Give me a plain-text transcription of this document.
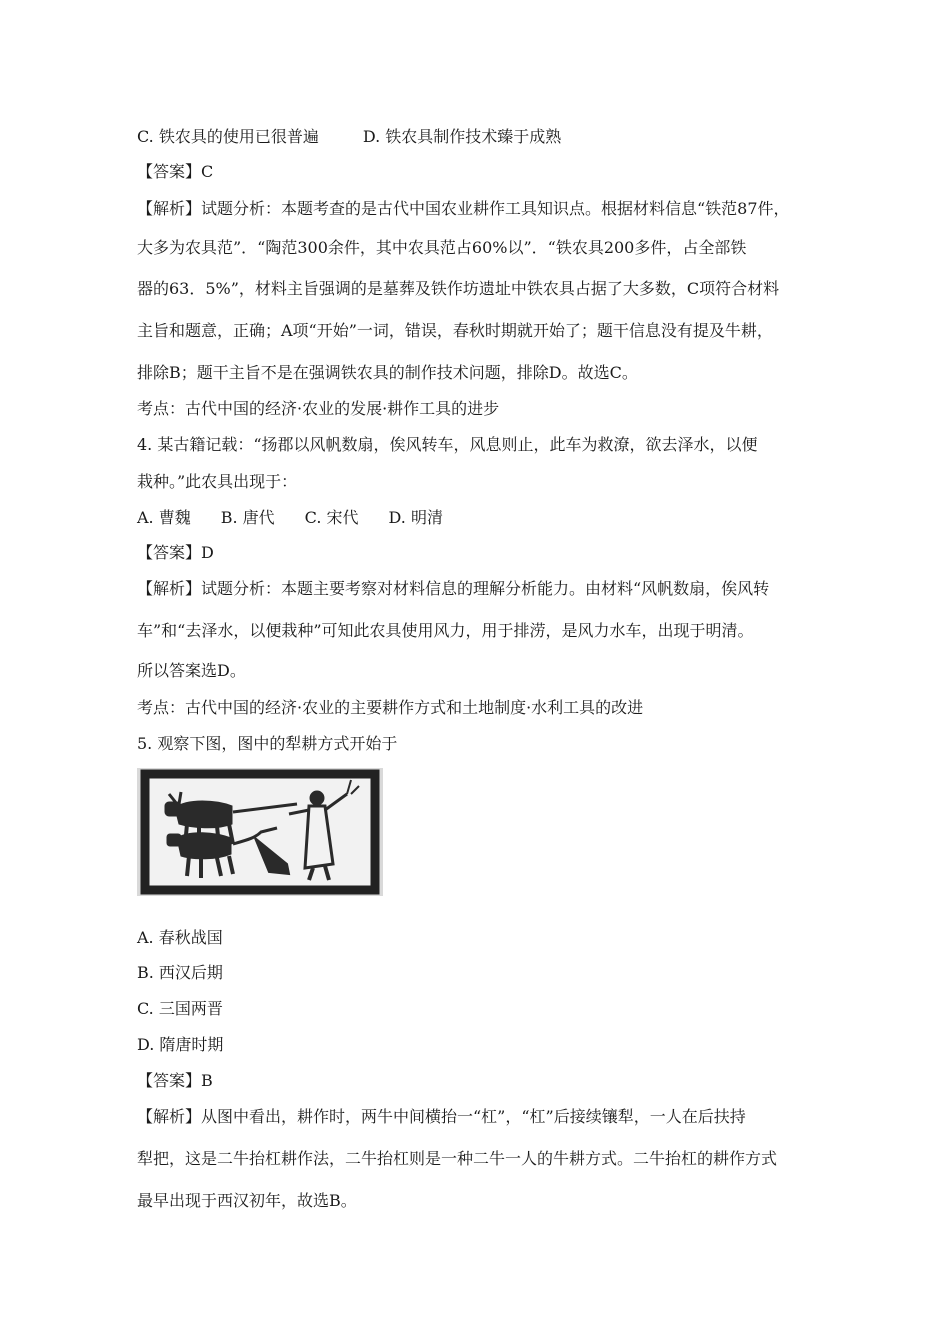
C. 铁农具的使用已很普遍	D. 铁农具制作技术臻于成熟
【答案】C
【解析】试题分析：本题考查的是古代中国农业耕作工具知识点。根据材料信息“铁范87件，
大多为农具范”．“陶范300余件，其中农具范占60%以”．“铁农具200多件，占全部铁
器的63．5%”，材料主旨强调的是墓葬及铁作坊遗址中铁农具占据了大多数，C项符合材料
主旨和题意，正确；A项“开始”一词，错误，春秋时期就开始了；题干信息没有提及牛耕，
排除B；题干主旨不是在强调铁农具的制作技术问题，排除D。故选C。
考点：古代中国的经济·农业的发展·耕作工具的进步
4. 某古籍记载：“扬郡以风帆数扇，俟风转车，风息则止，此车为救潦，欲去泽水，以便
栽种。”此农具出现于：
A. 曹魏 B. 唐代 C. 宋代 D. 明清
【答案】D
【解析】试题分析：本题主要考察对材料信息的理解分析能力。由材料“风帆数扇，俟风转
车”和“去泽水，以便栽种”可知此农具使用风力，用于排涝，是风力水车，出现于明清。
所以答案选D。
考点：古代中国的经济·农业的主要耕作方式和土地制度·水利工具的改进
5. 观察下图，图中的犁耕方式开始于
A. 春秋战国
B. 西汉后期
C. 三国两晋
D. 隋唐时期
【答案】B
【解析】从图中看出，耕作时，两牛中间横抬一“杠”，“杠”后接续镶犁，一人在后扶持
犁把，这是二牛抬杠耕作法，二牛抬杠则是一种二牛一人的牛耕方式。二牛抬杠的耕作方式
最早出现于西汉初年，故选B。
